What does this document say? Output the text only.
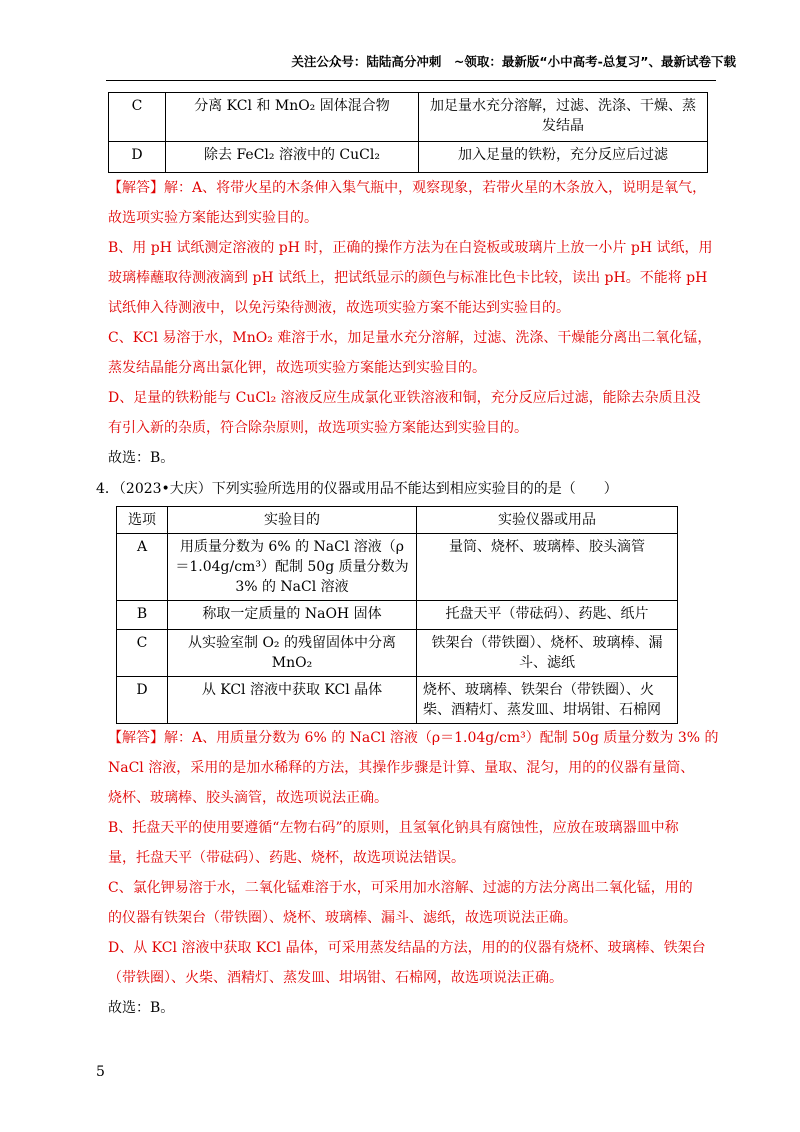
关注公众号：陆陆高分冲刺　~领取：最新版“小中高考-总复习”、最新试卷下载
C	分离 KCl 和 MnO₂ 固体混合物	加足量水充分溶解，过滤、洗涤、干燥、蒸发结晶
D	除去 FeCl₂ 溶液中的 CuCl₂	加入足量的铁粉，充分反应后过滤
【解答】解：A、将带火星的木条伸入集气瓶中，观察现象，若带火星的木条放入，说明是氧气，
故选项实验方案能达到实验目的。
B、用 pH 试纸测定溶液的 pH 时，正确的操作方法为在白瓷板或玻璃片上放一小片 pH 试纸，用
玻璃棒蘸取待测液滴到 pH 试纸上，把试纸显示的颜色与标准比色卡比较，读出 pH。不能将 pH
试纸伸入待测液中，以免污染待测液，故选项实验方案不能达到实验目的。
C、KCl 易溶于水，MnO₂ 难溶于水，加足量水充分溶解，过滤、洗涤、干燥能分离出二氧化锰，
蒸发结晶能分离出氯化钾，故选项实验方案能达到实验目的。
D、足量的铁粉能与 CuCl₂ 溶液反应生成氯化亚铁溶液和铜，充分反应后过滤，能除去杂质且没
有引入新的杂质，符合除杂原则，故选项实验方案能达到实验目的。
故选：B。
4．（2023•大庆）下列实验所选用的仪器或用品不能达到相应实验目的的是（　　）
选项	实验目的	实验仪器或用品
A	用质量分数为 6% 的 NaCl 溶液（ρ＝1.04g/cm³）配制 50g 质量分数为 3% 的 NaCl 溶液	量筒、烧杯、玻璃棒、胶头滴管
B	称取一定质量的 NaOH 固体	托盘天平（带砝码）、药匙、纸片
C	从实验室制 O₂ 的残留固体中分离 MnO₂	铁架台（带铁圈）、烧杯、玻璃棒、漏斗、滤纸
D	从 KCl 溶液中获取 KCl 晶体	烧杯、玻璃棒、铁架台（带铁圈）、火柴、酒精灯、蒸发皿、坩埚钳、石棉网
【解答】解：A、用质量分数为 6% 的 NaCl 溶液（ρ＝1.04g/cm³）配制 50g 质量分数为 3% 的
NaCl 溶液，采用的是加水稀释的方法，其操作步骤是计算、量取、混匀，用的的仪器有量筒、
烧杯、玻璃棒、胶头滴管，故选项说法正确。
B、托盘天平的使用要遵循“左物右码”的原则，且氢氧化钠具有腐蚀性，应放在玻璃器皿中称
量，托盘天平（带砝码）、药匙、烧杯，故选项说法错误。
C、氯化钾易溶于水，二氧化锰难溶于水，可采用加水溶解、过滤的方法分离出二氧化锰，用的
的仪器有铁架台（带铁圈）、烧杯、玻璃棒、漏斗、滤纸，故选项说法正确。
D、从 KCl 溶液中获取 KCl 晶体，可采用蒸发结晶的方法，用的的仪器有烧杯、玻璃棒、铁架台
（带铁圈）、火柴、酒精灯、蒸发皿、坩埚钳、石棉网，故选项说法正确。
故选：B。
5
